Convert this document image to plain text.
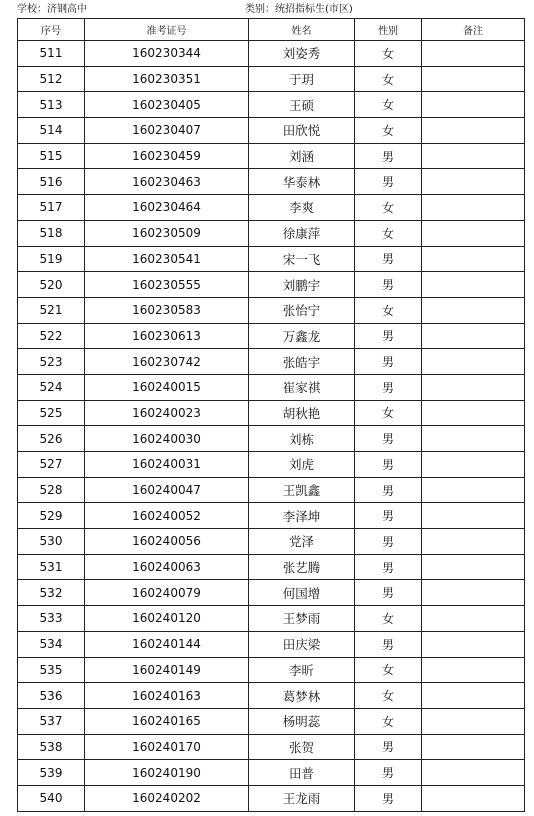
学校：济钢高中	类别：统招指标生(市区)
序号	准考证号	姓名	性别	备注
511	160230344	刘姿秀	女	
512	160230351	于玥	女	
513	160230405	王硕	女	
514	160230407	田欣悦	女	
515	160230459	刘涵	男	
516	160230463	华泰林	男	
517	160230464	李爽	女	
518	160230509	徐康萍	女	
519	160230541	宋一飞	男	
520	160230555	刘鹏宇	男	
521	160230583	张怡宁	女	
522	160230613	万鑫龙	男	
523	160230742	张皓宇	男	
524	160240015	崔家祺	男	
525	160240023	胡秋艳	女	
526	160240030	刘栋	男	
527	160240031	刘虎	男	
528	160240047	王凯鑫	男	
529	160240052	李泽坤	男	
530	160240056	党泽	男	
531	160240063	张艺腾	男	
532	160240079	何国增	男	
533	160240120	王梦雨	女	
534	160240144	田庆梁	男	
535	160240149	李昕	女	
536	160240163	葛梦林	女	
537	160240165	杨明蕊	女	
538	160240170	张贺	男	
539	160240190	田普	男	
540	160240202	王龙雨	男	
